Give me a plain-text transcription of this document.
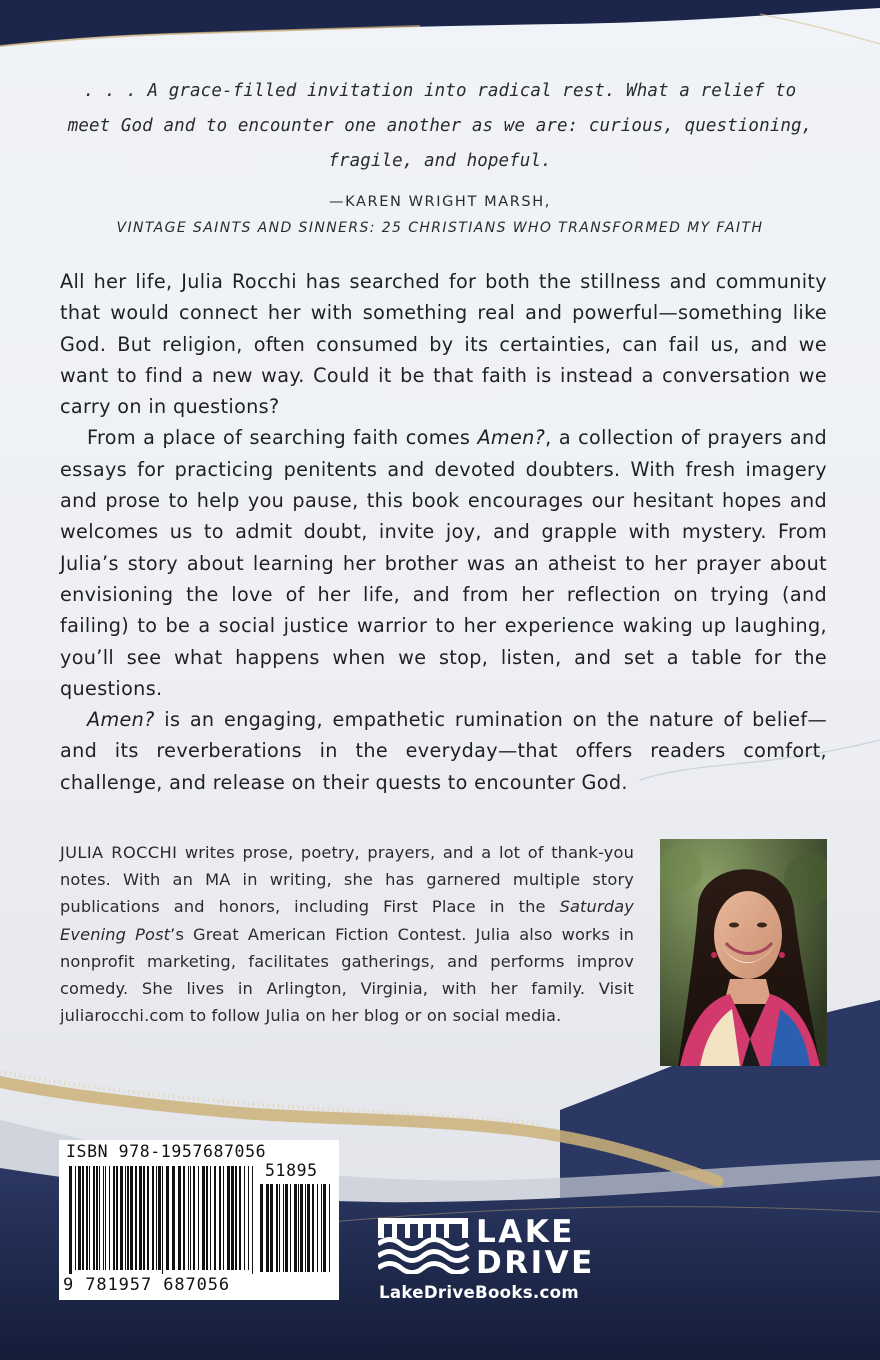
. . . A grace-filled invitation into radical rest. What a relief to meet God and to encounter one another as we are: curious, questioning, fragile, and hopeful.

—KAREN WRIGHT MARSH,
VINTAGE SAINTS AND SINNERS: 25 CHRISTIANS WHO TRANSFORMED MY FAITH

All her life, Julia Rocchi has searched for both the stillness and community that would connect her with something real and powerful—something like God. But religion, often consumed by its certainties, can fail us, and we want to find a new way. Could it be that faith is instead a conversation we carry on in questions?

From a place of searching faith comes Amen?, a collection of prayers and essays for practicing penitents and devoted doubters. With fresh imagery and prose to help you pause, this book encourages our hesitant hopes and welcomes us to admit doubt, invite joy, and grapple with mystery. From Julia’s story about learning her brother was an atheist to her prayer about envisioning the love of her life, and from her reflection on trying (and failing) to be a social justice warrior to her experience waking up laughing, you’ll see what happens when we stop, listen, and set a table for the questions.

Amen? is an engaging, empathetic rumination on the nature of belief—and its reverberations in the everyday—that offers readers comfort, challenge, and release on their quests to encounter God.

JULIA ROCCHI writes prose, poetry, prayers, and a lot of thank-you notes. With an MA in writing, she has garnered multiple story publications and honors, including First Place in the Saturday Evening Post’s Great American Fiction Contest. Julia also works in nonprofit marketing, facilitates gatherings, and performs improv comedy. She lives in Arlington, Virginia, with her family. Visit juliarocchi.com to follow Julia on her blog or on social media.
ISBN 978-1957687056
51895
9 781957 687056
LAKE
DRIVE
LakeDriveBooks.com
